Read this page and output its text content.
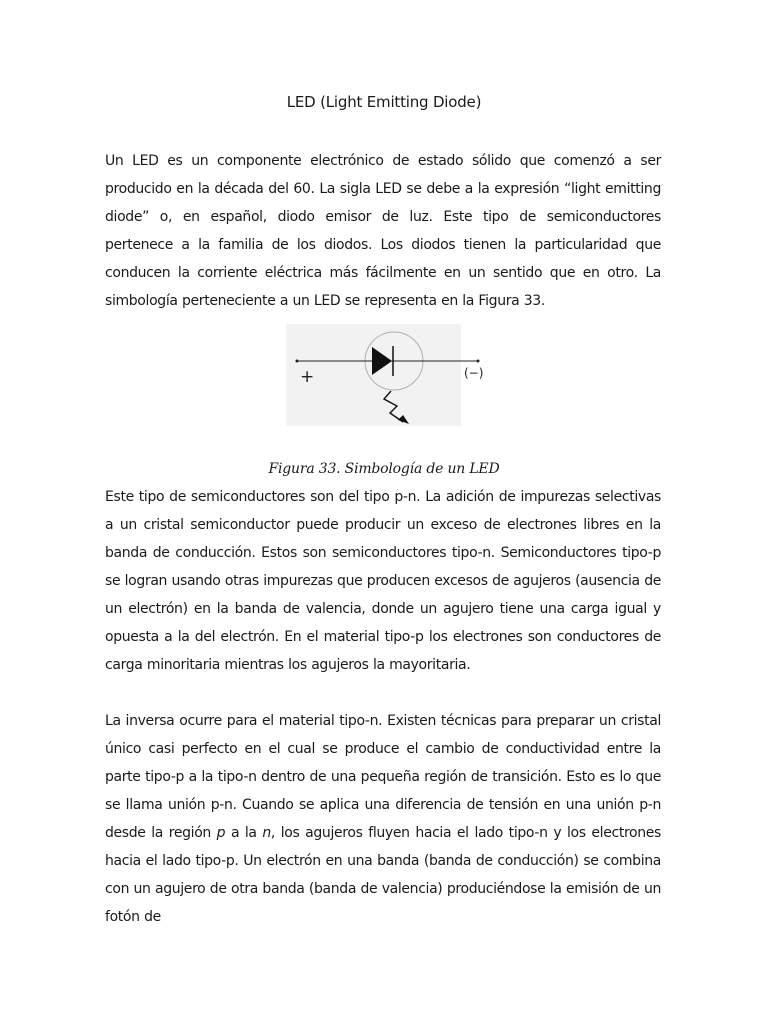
LED (Light Emitting Diode)

Un LED es un componente electrónico de estado sólido que comenzó a ser producido en la década del 60. La sigla LED se debe a la expresión “light emitting diode” o, en español, diodo emisor de luz. Este tipo de semiconductores pertenece a la familia de los diodos. Los diodos tienen la particularidad que conducen la corriente eléctrica más fácilmente en un sentido que en otro. La simbología perteneciente a un LED se representa en la Figura 33.

+	(−)
Figura 33. Simbología de un LED

Este tipo de semiconductores son del tipo p-n. La adición de impurezas selectivas a un cristal semiconductor puede producir un exceso de electrones libres en la banda de conducción. Estos son semiconductores tipo-n. Semiconductores tipo-p se logran usando otras impurezas que producen excesos de agujeros (ausencia de un electrón) en la banda de valencia, donde un agujero tiene una carga igual y opuesta a la del electrón. En el material tipo-p los electrones son conductores de carga minoritaria mientras los agujeros la mayoritaria.

La inversa ocurre para el material tipo-n. Existen técnicas para preparar un cristal único casi perfecto en el cual se produce el cambio de conductividad entre la parte tipo-p a la tipo-n dentro de una pequeña región de transición. Esto es lo que se llama unión p-n. Cuando se aplica una diferencia de tensión en una unión p-n desde la región p a la n, los agujeros fluyen hacia el lado tipo-n y los electrones hacia el lado tipo-p. Un electrón en una banda (banda de conducción) se combina con un agujero de otra banda (banda de valencia) produciéndose la emisión de un fotón de
